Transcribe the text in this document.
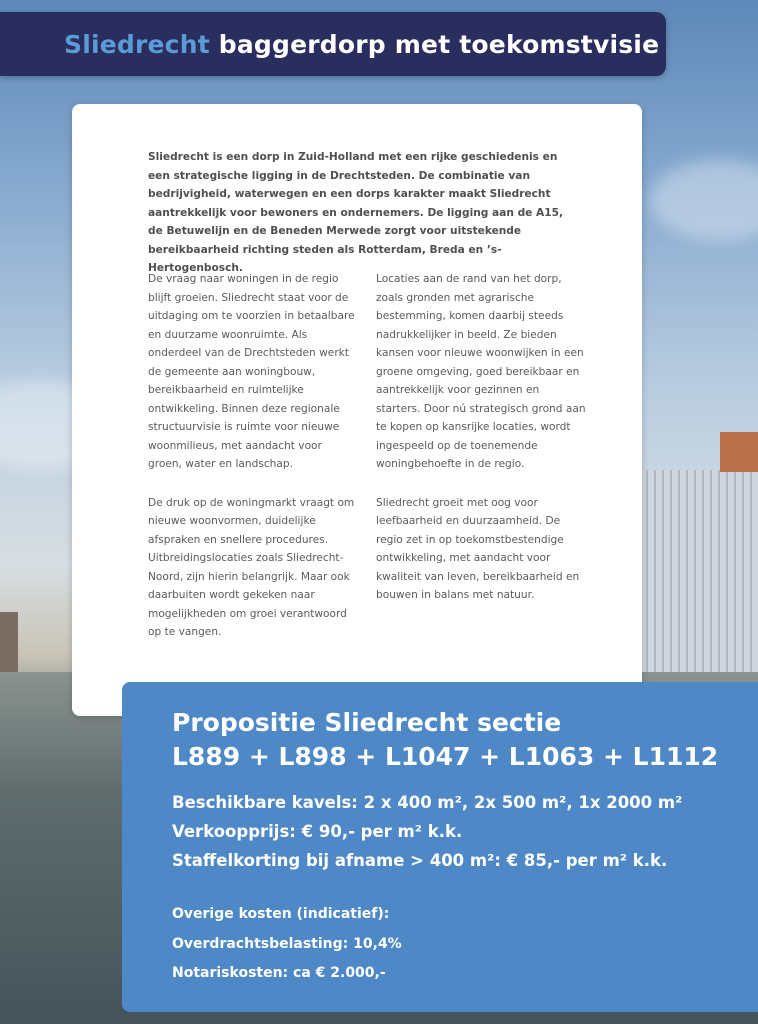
Sliedrecht baggerdorp met toekomstvisie

Sliedrecht is een dorp in Zuid-Holland met een rijke geschiedenis en een strategische ligging in de Drechtsteden. De combinatie van bedrijvigheid, waterwegen en een dorps karakter maakt Sliedrecht aantrekkelijk voor bewoners en ondernemers. De ligging aan de A15, de Betuwelijn en de Beneden Merwede zorgt voor uitstekende bereikbaarheid richting steden als Rotterdam, Breda en ’s-Hertogenbosch.

De vraag naar woningen in de regio blijft groeien. Sliedrecht staat voor de uitdaging om te voorzien in betaalbare en duurzame woonruimte. Als onderdeel van de Drechtsteden werkt de gemeente aan woningbouw, bereikbaarheid en ruimtelijke ontwikkeling. Binnen deze regionale structuurvisie is ruimte voor nieuwe woonmilieus, met aandacht voor groen, water en landschap.

De druk op de woningmarkt vraagt om nieuwe woonvormen, duidelijke afspraken en snellere procedures. Uitbreidingslocaties zoals Sliedrecht-Noord, zijn hierin belangrijk. Maar ook daarbuiten wordt gekeken naar mogelijkheden om groei verantwoord op te vangen.

Locaties aan de rand van het dorp, zoals gronden met agrarische bestemming, komen daarbij steeds nadrukkelijker in beeld. Ze bieden kansen voor nieuwe woonwijken in een groene omgeving, goed bereikbaar en aantrekkelijk voor gezinnen en starters. Door nú strategisch grond aan te kopen op kansrijke locaties, wordt ingespeeld op de toenemende woningbehoefte in de regio.

Sliedrecht groeit met oog voor leefbaarheid en duurzaamheid. De regio zet in op toekomstbestendige ontwikkeling, met aandacht voor kwaliteit van leven, bereikbaarheid en bouwen in balans met natuur.

Propositie Sliedrecht sectie
L889 + L898 + L1047 + L1063 + L1112
Beschikbare kavels: 2 x 400 m², 2x 500 m², 1x 2000 m²
Verkoopprijs: € 90,- per m² k.k.
Staffelkorting bij afname > 400 m²: € 85,- per m² k.k.
Overige kosten (indicatief):
Overdrachtsbelasting: 10,4%
Notariskosten: ca € 2.000,-
